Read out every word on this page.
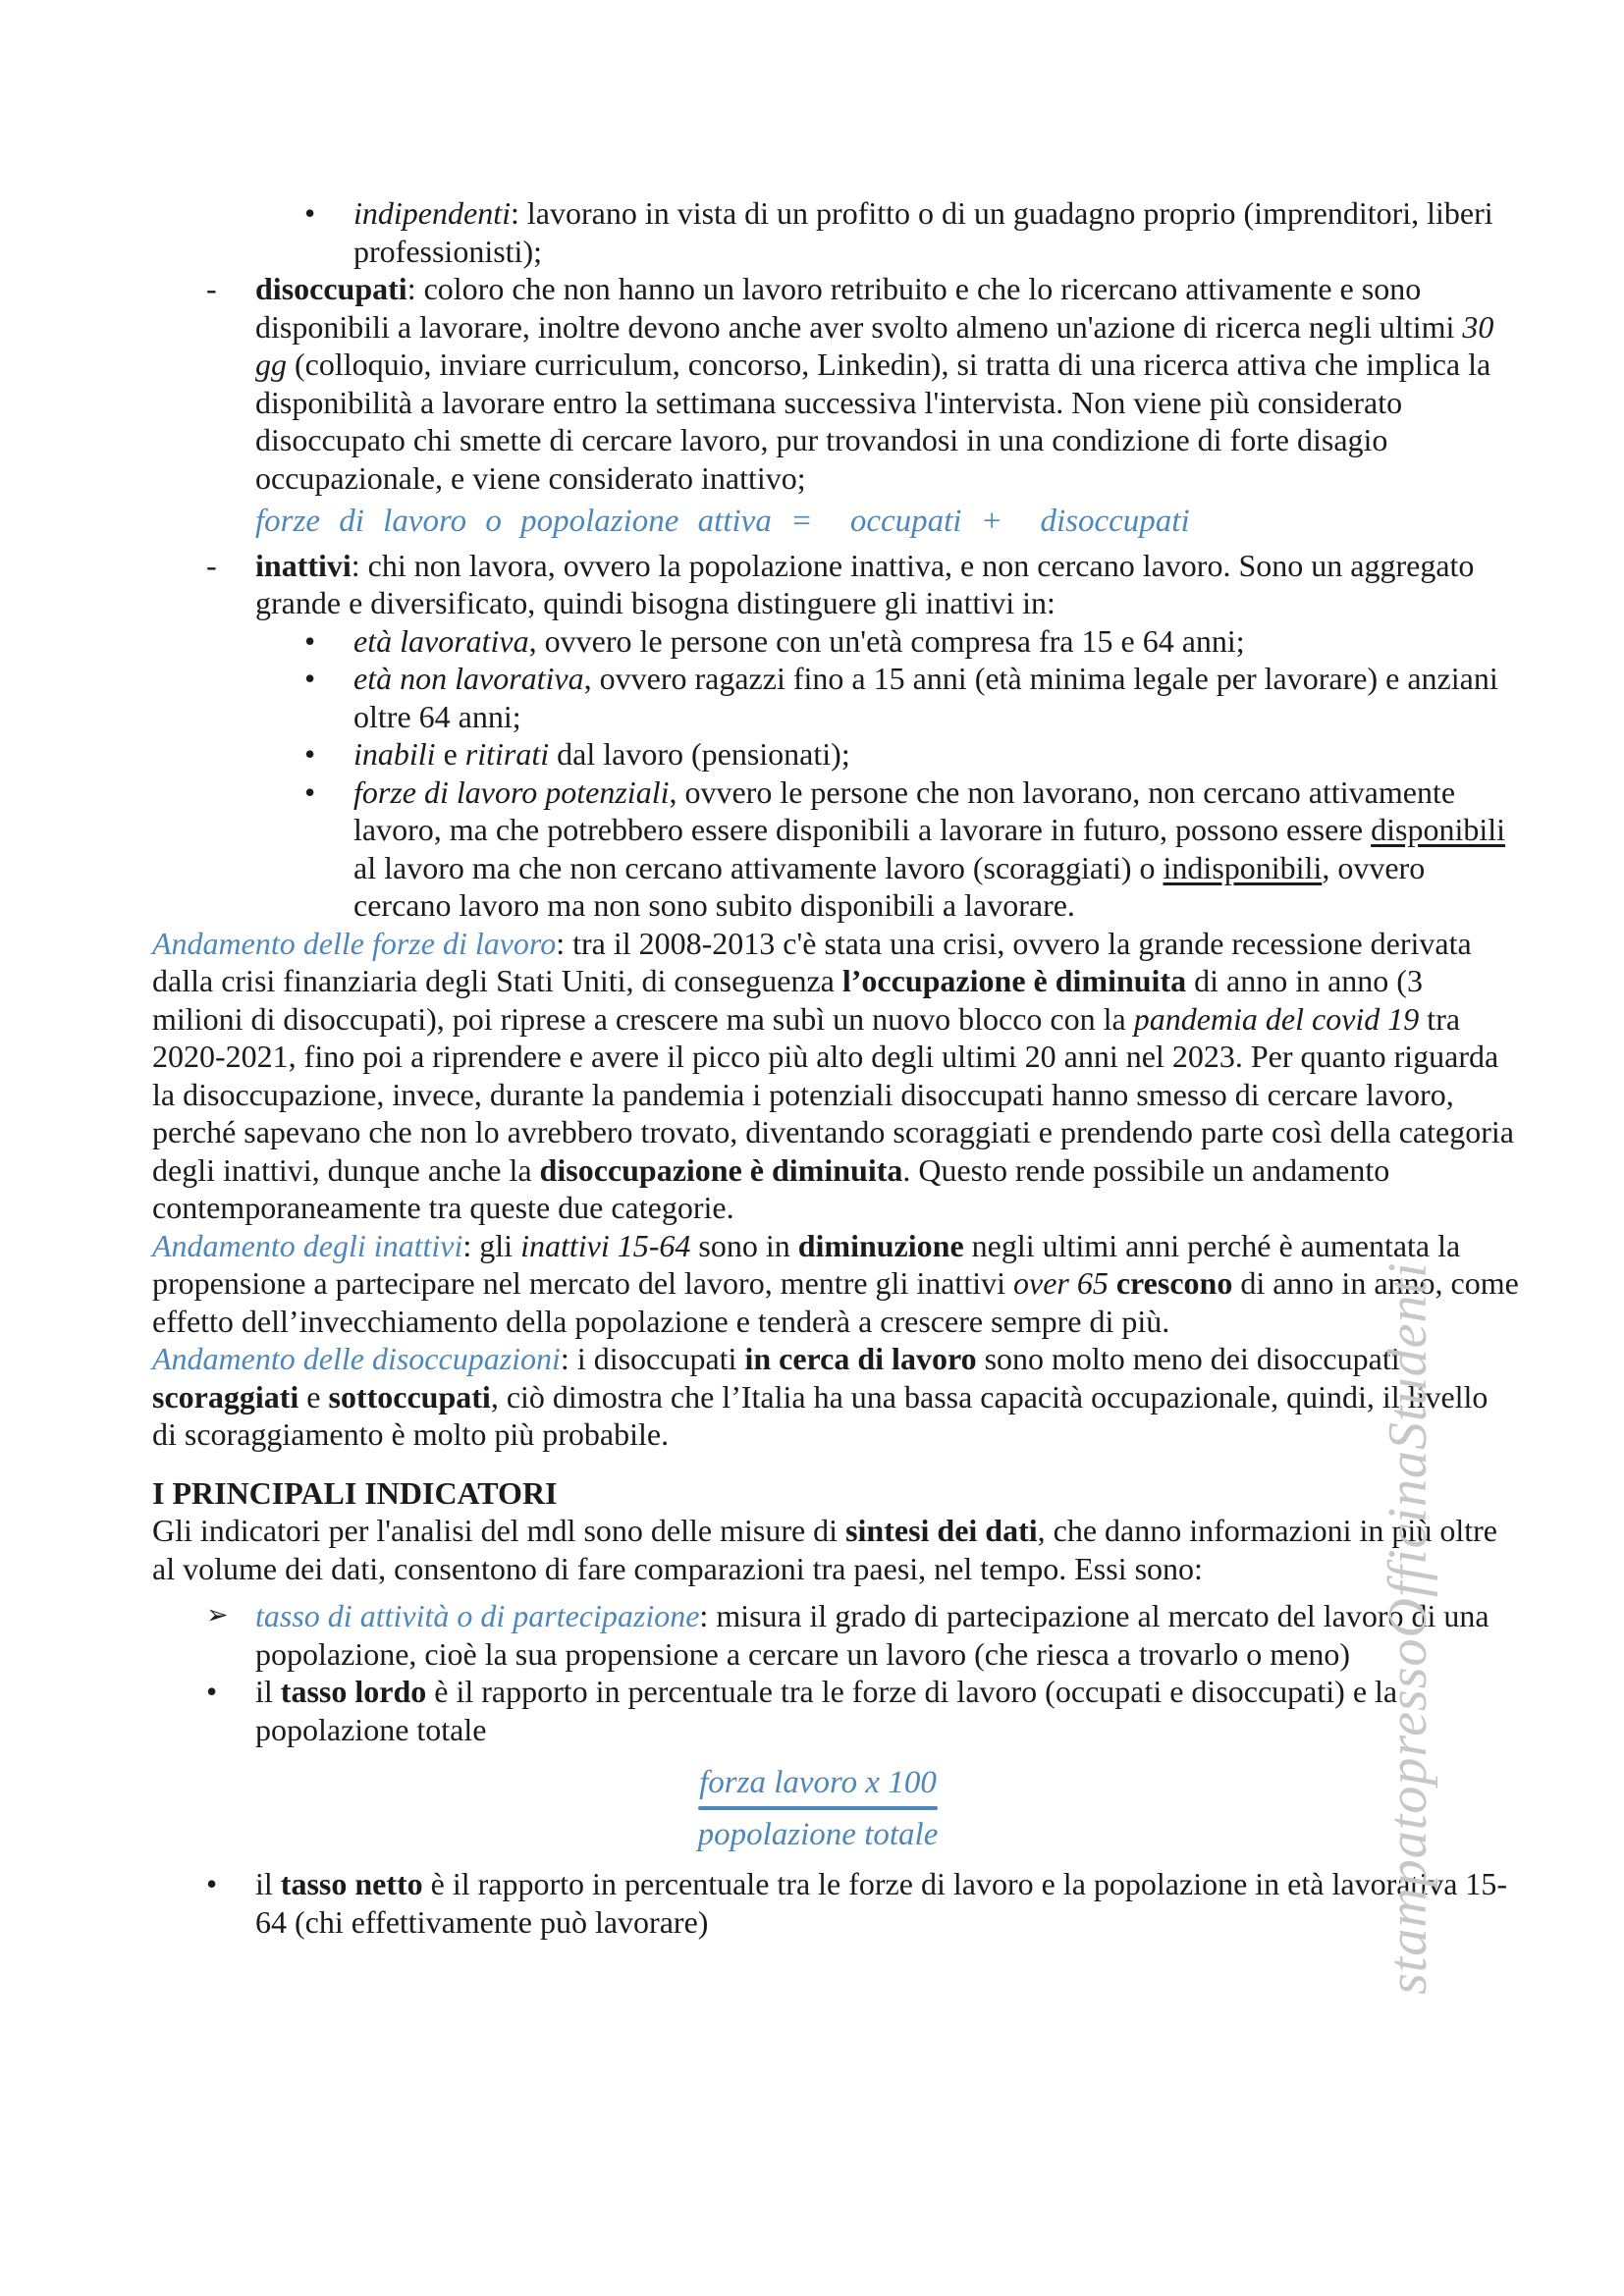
• indipendenti: lavorano in vista di un profitto o di un guadagno proprio (imprenditori, liberi professionisti);
- disoccupati: coloro che non hanno un lavoro retribuito e che lo ricercano attivamente e sono disponibili a lavorare, inoltre devono anche aver svolto almeno un'azione di ricerca negli ultimi 30 gg (colloquio, inviare curriculum, concorso, Linkedin), si tratta di una ricerca attiva che implica la disponibilità a lavorare entro la settimana successiva l'intervista. Non viene più considerato disoccupato chi smette di cercare lavoro, pur trovandosi in una condizione di forte disagio occupazionale, e viene considerato inattivo;
forze di lavoro o popolazione attiva =  occupati +  disoccupati
- inattivi: chi non lavora, ovvero la popolazione inattiva, e non cercano lavoro. Sono un aggregato grande e diversificato, quindi bisogna distinguere gli inattivi in:
• età lavorativa, ovvero le persone con un'età compresa fra 15 e 64 anni;
• età non lavorativa, ovvero ragazzi fino a 15 anni (età minima legale per lavorare) e anziani oltre 64 anni;
• inabili e ritirati dal lavoro (pensionati);
• forze di lavoro potenziali, ovvero le persone che non lavorano, non cercano attivamente lavoro, ma che potrebbero essere disponibili a lavorare in futuro, possono essere disponibili al lavoro ma che non cercano attivamente lavoro (scoraggiati) o indisponibili, ovvero cercano lavoro ma non sono subito disponibili a lavorare.
Andamento delle forze di lavoro: tra il 2008-2013 c'è stata una crisi, ovvero la grande recessione derivata dalla crisi finanziaria degli Stati Uniti, di conseguenza l’occupazione è diminuita di anno in anno (3 milioni di disoccupati), poi riprese a crescere ma subì un nuovo blocco con la pandemia del covid 19 tra 2020-2021, fino poi a riprendere e avere il picco più alto degli ultimi 20 anni nel 2023. Per quanto riguarda la disoccupazione, invece, durante la pandemia i potenziali disoccupati hanno smesso di cercare lavoro, perché sapevano che non lo avrebbero trovato, diventando scoraggiati e prendendo parte così della categoria degli inattivi, dunque anche la disoccupazione è diminuita. Questo rende possibile un andamento contemporaneamente tra queste due categorie.
Andamento degli inattivi: gli inattivi 15-64 sono in diminuzione negli ultimi anni perché è aumentata la propensione a partecipare nel mercato del lavoro, mentre gli inattivi over 65 crescono di anno in anno, come effetto dell’invecchiamento della popolazione e tenderà a crescere sempre di più.
Andamento delle disoccupazioni: i disoccupati in cerca di lavoro sono molto meno dei disoccupati scoraggiati e sottoccupati, ciò dimostra che l’Italia ha una bassa capacità occupazionale, quindi, il livello di scoraggiamento è molto più probabile.
I PRINCIPALI INDICATORI
Gli indicatori per l'analisi del mdl sono delle misure di sintesi dei dati, che danno informazioni in più oltre al volume dei dati, consentono di fare comparazioni tra paesi, nel tempo. Essi sono:
➢ tasso di attività o di partecipazione: misura il grado di partecipazione al mercato del lavoro di una popolazione, cioè la sua propensione a cercare un lavoro (che riesca a trovarlo o meno)
• il tasso lordo è il rapporto in percentuale tra le forze di lavoro (occupati e disoccupati) e la popolazione totale
forza lavoro x 100
popolazione totale
• il tasso netto è il rapporto in percentuale tra le forze di lavoro e la popolazione in età lavorativa 15-64 (chi effettivamente può lavorare)	stampatopressoOfficinaStudenti
